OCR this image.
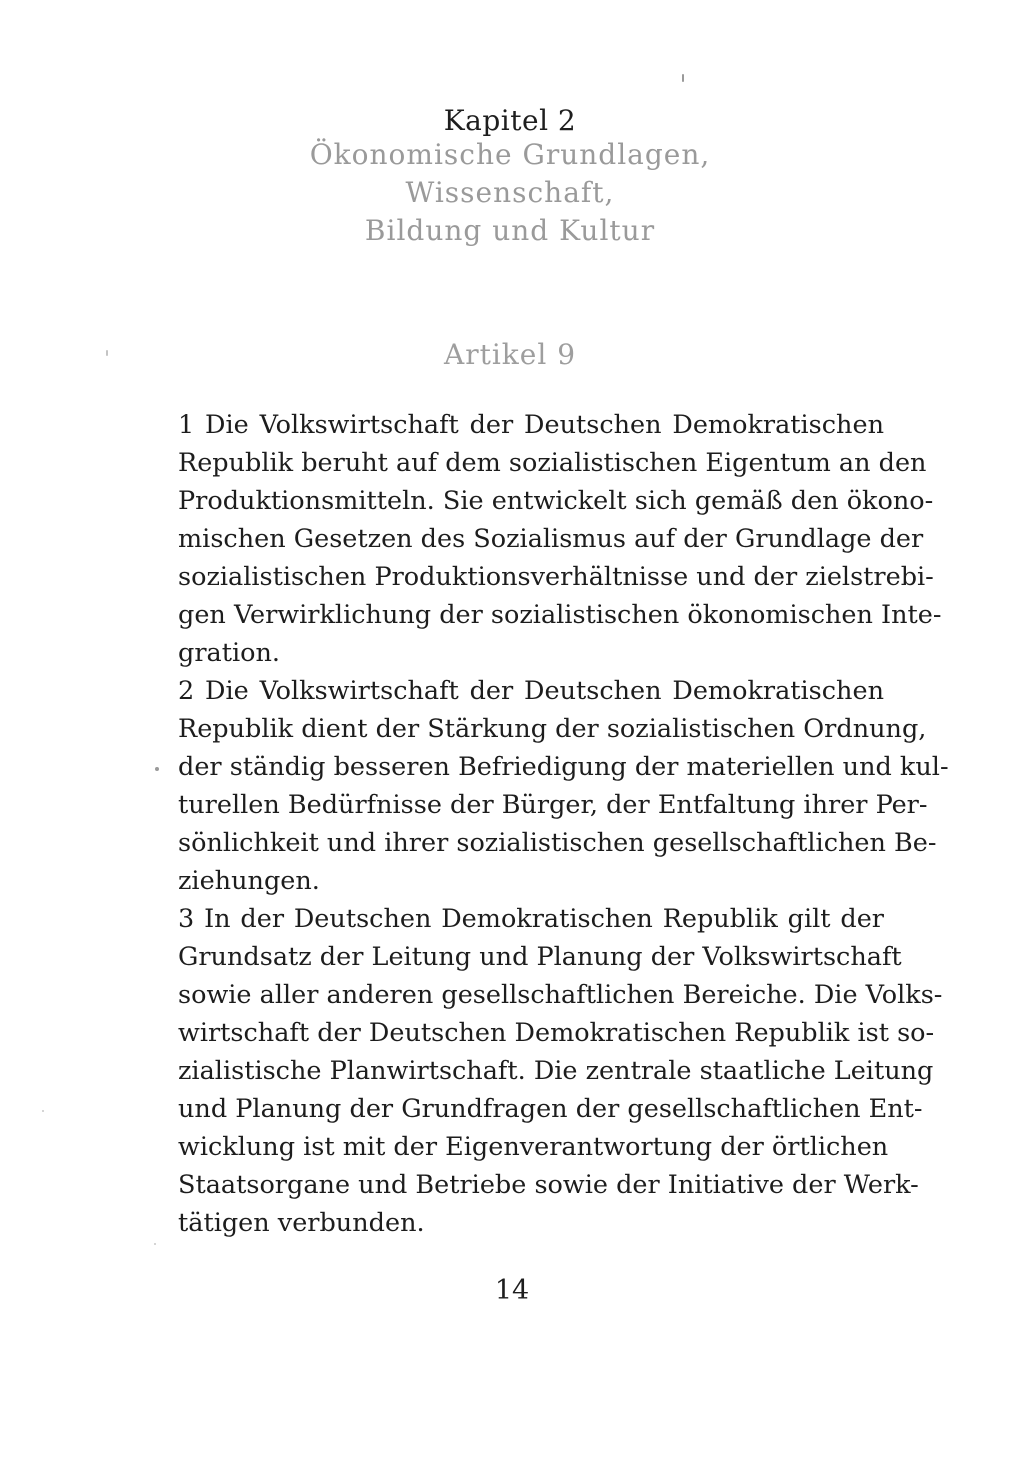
Kapitel 2
Ökonomische Grundlagen,
Wissenschaft,
Bildung und Kultur
Artikel 9
1 Die Volkswirtschaft der Deutschen Demokratischen
Republik beruht auf dem sozialistischen Eigentum an den
Produktionsmitteln. Sie entwickelt sich gemäß den ökono-
mischen Gesetzen des Sozialismus auf der Grundlage der
sozialistischen Produktionsverhältnisse und der zielstrebi-
gen Verwirklichung der sozialistischen ökonomischen Inte-
gration.
2 Die Volkswirtschaft der Deutschen Demokratischen
Republik dient der Stärkung der sozialistischen Ordnung,
der ständig besseren Befriedigung der materiellen und kul-
turellen Bedürfnisse der Bürger, der Entfaltung ihrer Per-
sönlichkeit und ihrer sozialistischen gesellschaftlichen Be-
ziehungen.
3 In der Deutschen Demokratischen Republik gilt der
Grundsatz der Leitung und Planung der Volkswirtschaft
sowie aller anderen gesellschaftlichen Bereiche. Die Volks-
wirtschaft der Deutschen Demokratischen Republik ist so-
zialistische Planwirtschaft. Die zentrale staatliche Leitung
und Planung der Grundfragen der gesellschaftlichen Ent-
wicklung ist mit der Eigenverantwortung der örtlichen
Staatsorgane und Betriebe sowie der Initiative der Werk-
tätigen verbunden.
14
